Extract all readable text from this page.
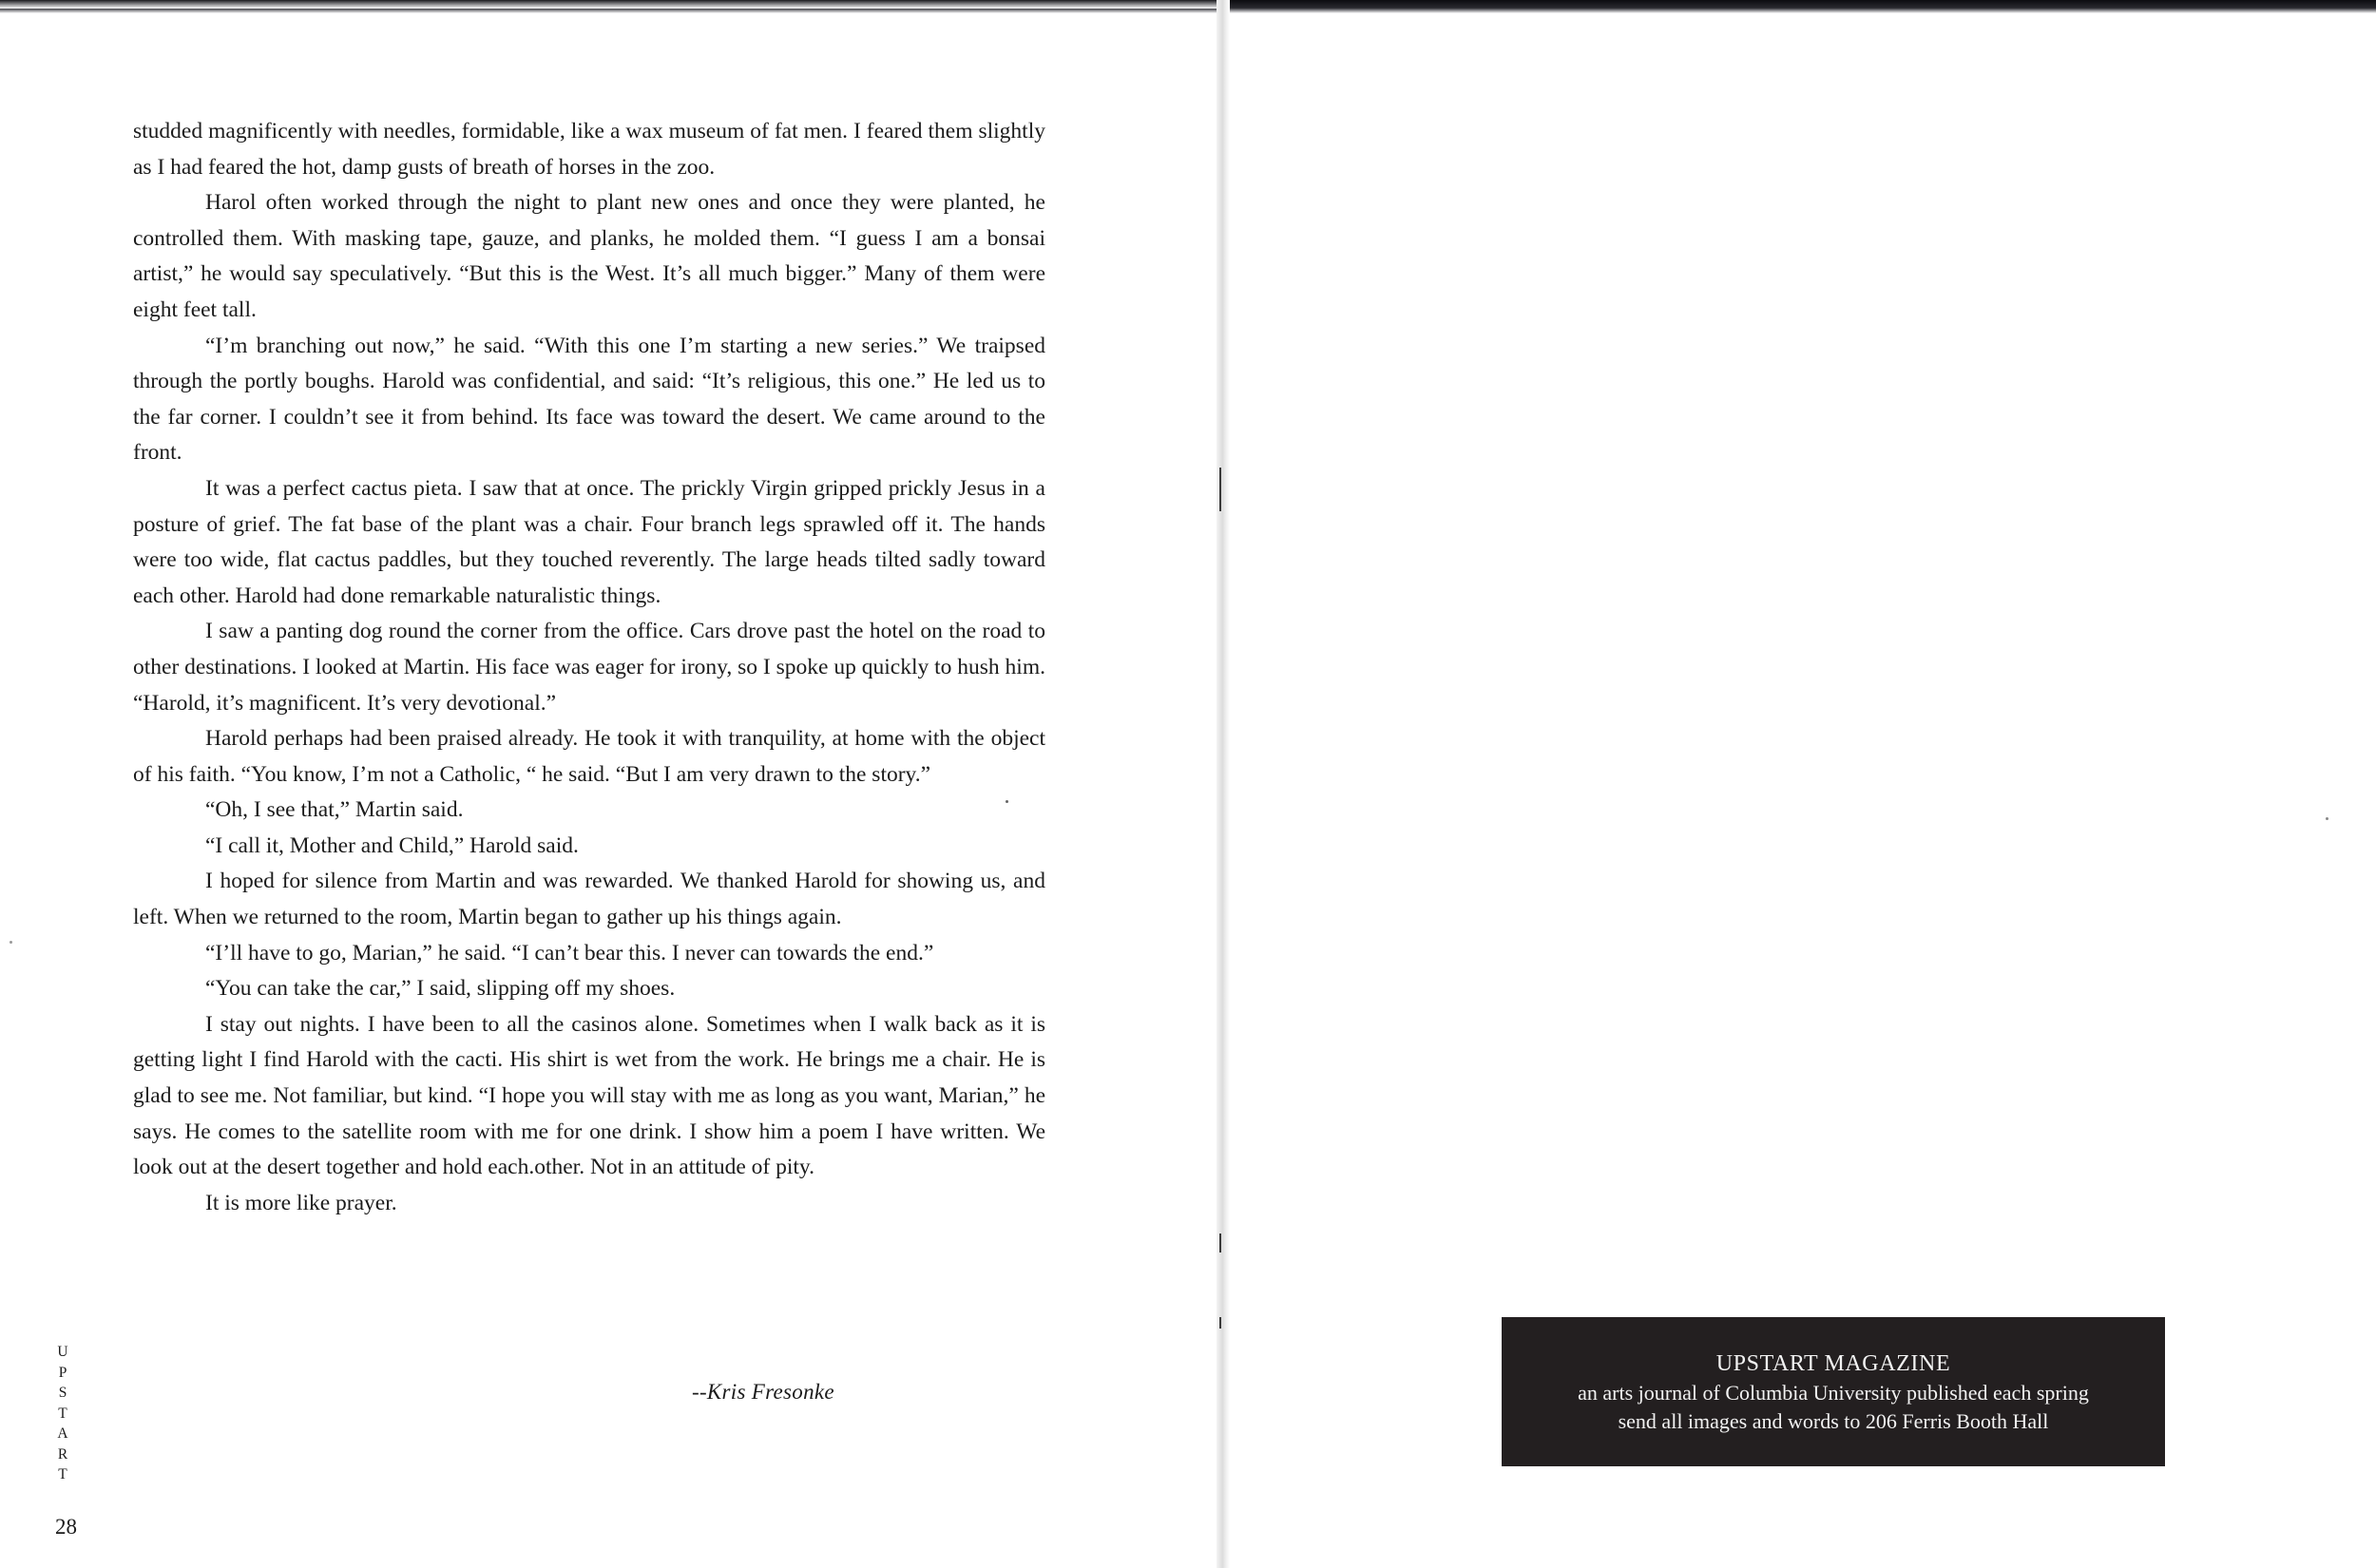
studded magnificently with needles, formidable, like a wax museum of fat men. I feared them slightly as I had feared the hot, damp gusts of breath of horses in the zoo.

Harol often worked through the night to plant new ones and once they were planted, he controlled them. With masking tape, gauze, and planks, he molded them. “I guess I am a bonsai artist,” he would say speculatively. “But this is the West. It’s all much bigger.” Many of them were eight feet tall.

“I’m branching out now,” he said. “With this one I’m starting a new series.” We traipsed through the portly boughs. Harold was confidential, and said: “It’s religious, this one.” He led us to the far corner. I couldn’t see it from behind. Its face was toward the desert. We came around to the front.

It was a perfect cactus pieta. I saw that at once. The prickly Virgin gripped prickly Jesus in a posture of grief. The fat base of the plant was a chair. Four branch legs sprawled off it. The hands were too wide, flat cactus paddles, but they touched reverently. The large heads tilted sadly toward each other. Harold had done remarkable naturalistic things.

I saw a panting dog round the corner from the office. Cars drove past the hotel on the road to other destinations. I looked at Martin. His face was eager for irony, so I spoke up quickly to hush him. “Harold, it’s magnificent. It’s very devotional.”

Harold perhaps had been praised already. He took it with tranquility, at home with the object of his faith. “You know, I’m not a Catholic, “ he said. “But I am very drawn to the story.”

“Oh, I see that,” Martin said.

“I call it, Mother and Child,” Harold said.

I hoped for silence from Martin and was rewarded. We thanked Harold for showing us, and left. When we returned to the room, Martin began to gather up his things again.

“I’ll have to go, Marian,” he said. “I can’t bear this. I never can towards the end.”

“You can take the car,” I said, slipping off my shoes.

I stay out nights. I have been to all the casinos alone. Sometimes when I walk back as it is getting light I find Harold with the cacti. His shirt is wet from the work. He brings me a chair. He is glad to see me. Not familiar, but kind. “I hope you will stay with me as long as you want, Marian,” he says. He comes to the satellite room with me for one drink. I show him a poem I have written. We look out at the desert together and hold each.other. Not in an attitude of pity.

It is more like prayer.

--Kris Fresonke
U
P
S
T
A
R
T
28
UPSTART MAGAZINE
an arts journal of Columbia University published each spring
send all images and words to 206 Ferris Booth Hall
